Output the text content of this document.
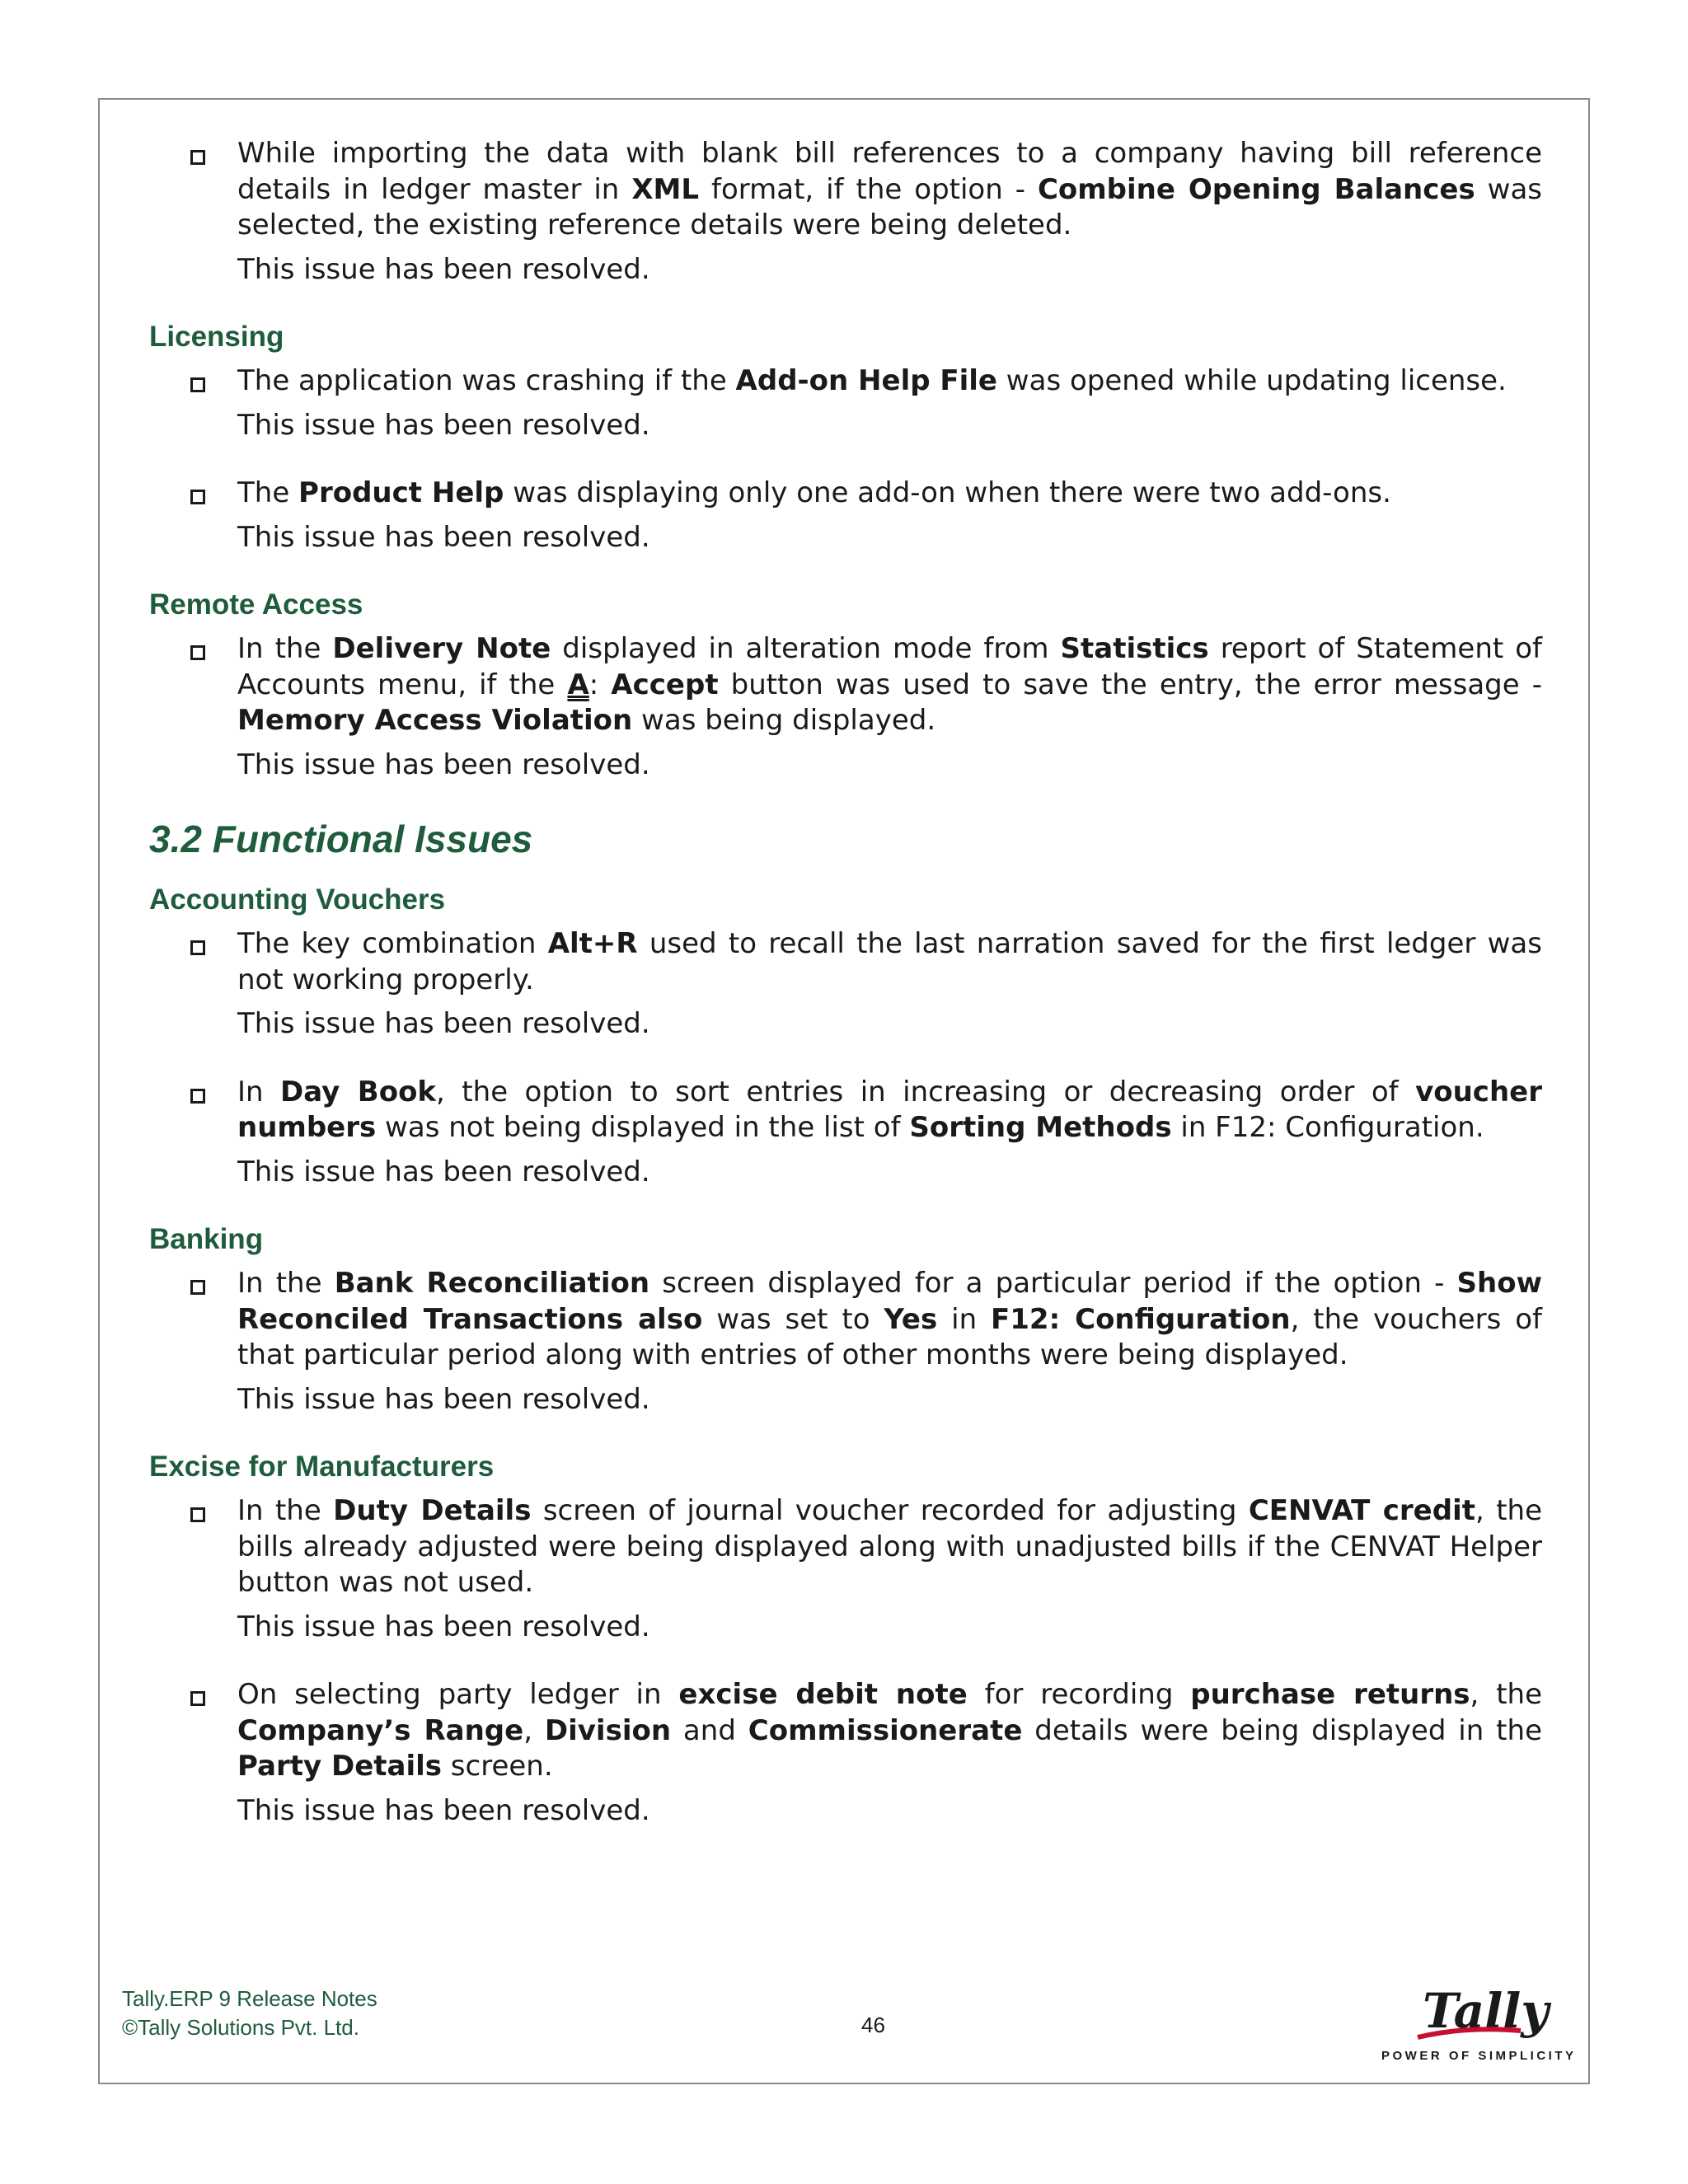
While importing the data with blank bill references to a company having bill reference details in ledger master in XML format, if the option - Combine Opening Balances was selected, the existing reference details were being deleted.

This issue has been resolved.

Licensing

The application was crashing if the Add-on Help File was opened while updating license.

This issue has been resolved.

The Product Help was displaying only one add-on when there were two add-ons.

This issue has been resolved.

Remote Access

In the Delivery Note displayed in alteration mode from Statistics report of Statement of Accounts menu, if the A: Accept button was used to save the entry, the error message - Memory Access Violation was being displayed.

This issue has been resolved.

3.2 Functional Issues
Accounting Vouchers

The key combination Alt+R used to recall the last narration saved for the first ledger was not working properly.

This issue has been resolved.

In Day Book, the option to sort entries in increasing or decreasing order of voucher numbers was not being displayed in the list of Sorting Methods in F12: Configuration.

This issue has been resolved.

Banking

In the Bank Reconciliation screen displayed for a particular period if the option - Show Reconciled Transactions also was set to Yes in F12: Configuration, the vouchers of that particular period along with entries of other months were being displayed.

This issue has been resolved.

Excise for Manufacturers

In the Duty Details screen of journal voucher recorded for adjusting CENVAT credit, the bills already adjusted were being displayed along with unadjusted bills if the CENVAT Helper button was not used.

This issue has been resolved.

On selecting party ledger in excise debit note for recording purchase returns, the Company’s Range, Division and Commissionerate details were being displayed in the Party Details screen.

This issue has been resolved.

Tally.ERP 9 Release Notes
©Tally Solutions Pvt. Ltd.	46	Tally
POWER OF SIMPLICITY
